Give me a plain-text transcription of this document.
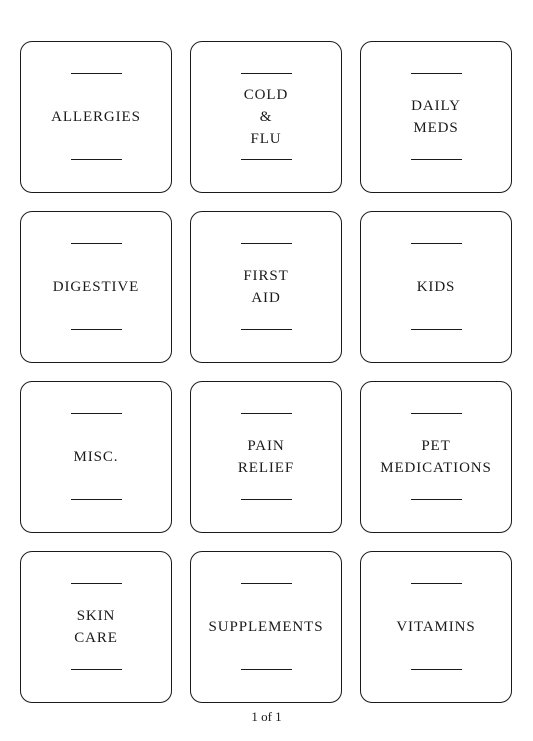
ALLERGIES
COLD
&
FLU
DAILY
MEDS
DIGESTIVE
FIRST
AID
KIDS
MISC.
PAIN
RELIEF
PET
MEDICATIONS
SKIN
CARE
SUPPLEMENTS	VITAMINS
1 of 1
